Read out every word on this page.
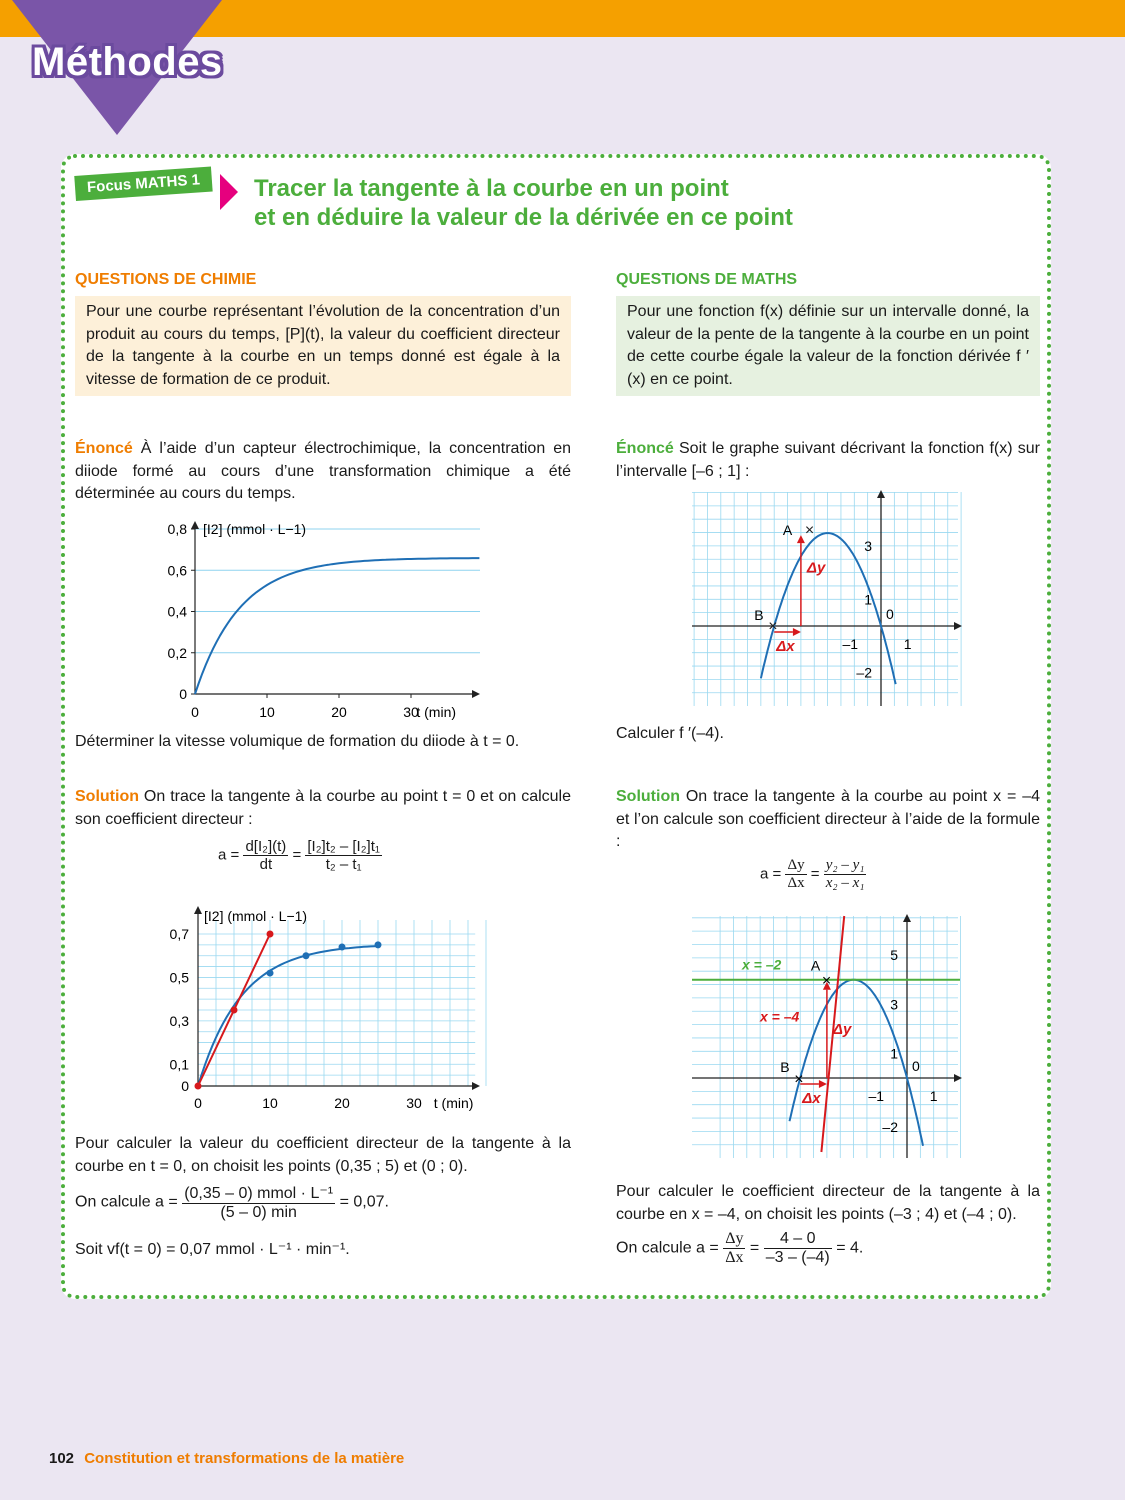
Méthodes
Focus MATHS 1	Tracer la tangente à la courbe en un point
et en déduire la valeur de la dérivée en ce point
QUESTIONS DE CHIMIE
Pour une courbe représentant l’évolution de la concentration d’un produit au cours du temps, [P](t), la valeur du coefficient directeur de la tangente à la courbe en un temps donné est égale à la vitesse de formation de ce produit.
Énoncé À l’aide d’un capteur électrochimique, la concentration en diiode formé au cours d’une transformation chimique a été déterminée au cours du temps.
0
0,2
0,4
0,6
0,8
0	10	20	30
t (min)
[I2] (mmol · L−1)
Déterminer la vitesse volumique de formation du diiode à t = 0.
Solution On trace la tangente à la courbe au point t = 0 et on calcule son coefficient directeur :
$a = \frac{\text{d[I₂](t)}}{dt} = \frac{\text{[I₂]t₂ – [I₂]t₁}}{\text{t₂ – t₁}}$
0
0,1
0,3
0,5
0,7
0	10	20	30 t (min)
[I2] (mmol · L−1)
Pour calculer la valeur du coefficient directeur de la tangente à la courbe en t = 0, on choisit les points (0,35 ; 5) et (0 ; 0).
On calcule $a = \frac{\text{(0,35 – 0) mmol · L⁻¹}}{(5 - 0) \min} = 0,07$.
Soit vf(t = 0) = 0,07 mmol · L⁻¹ · min⁻¹.
QUESTIONS DE MATHS
Pour une fonction f(x) définie sur un intervalle donné, la valeur de la pente de la tangente à la courbe en un point de cette courbe égale la valeur de la fonction dérivée f ′(x) en ce point.
Énoncé Soit le graphe suivant décrivant la fonction f(x) sur l’intervalle [–6 ; 1] :
Δx
Δy
×
A
×
B	0
–1	1
–2
1
3
Calculer f ′(–4).
Solution On trace la tangente à la courbe au point x = –4 et l’on calcule son coefficient directeur à l’aide de la formule :
$a = \frac{\Delta y}{\Delta x} = \frac{\text{y₂ – y₁}}{\text{x₂ – x₁}}$
Δx
Δy
×
A
×
B
x = –2
x = –4
0
–1	1
–2
1
3
5
Pour calculer le coefficient directeur de la tangente à la courbe en x = –4, on choisit les points (–3 ; 4) et (–4 ; 0).
On calcule $a = \frac{\Delta y}{\Delta x} = \frac{4 - 0}{-3 - (-4)} = 4$.
102 Constitution et transformations de la matière
